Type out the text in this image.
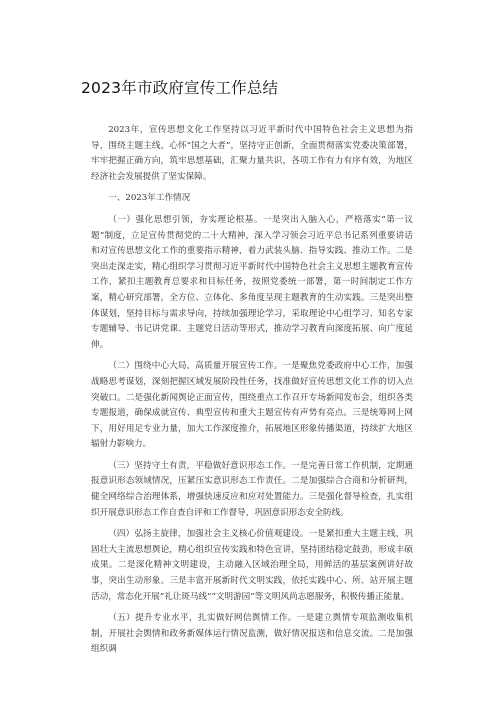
2023年市政府宣传工作总结

2023年，宣传思想文化工作坚持以习近平新时代中国特色社会主义思想为指导，围绕主题主线，心怀“国之大者”，坚持守正创新，全面贯彻落实党委决策部署，牢牢把握正确方向，筑牢思想基础，汇聚力量共识，各项工作有力有序有效，为地区经济社会发展提供了坚实保障。

一、2023年工作情况

（一）强化思想引领，夯实理论根基。一是突出入脑入心，严格落实“第一议题”制度，立足宣传贯彻党的二十大精神，深入学习领会习近平总书记系列重要讲话和对宣传思想文化工作的重要指示精神，着力武装头脑、指导实践、推动工作。二是突出走深走实，精心组织学习贯彻习近平新时代中国特色社会主义思想主题教育宣传工作，紧扣主题教育总要求和目标任务，按照党委统一部署，第一时间制定工作方案，精心研究部署，全方位、立体化、多角度呈现主题教育的生动实践。三是突出整体谋划，坚持目标与需求导向，持续加强理论学习，采取理论中心组学习、知名专家专题辅导、书记讲党课、主题党日活动等形式，推动学习教育向深度拓展、向广度延伸。

（二）围绕中心大局，高质量开展宣传工作。一是聚焦党委政府中心工作，加强战略思考谋划，深刻把握区域发展阶段性任务，找准做好宣传思想文化工作的切入点突破口。二是强化新闻舆论正面宣传，围绕重点工作召开专场新闻发布会，组织各类专题报道，确保成就宣传、典型宣传和重大主题宣传有声势有亮点。三是统筹网上网下，用好用足专业力量，加大工作深度推介，拓展地区形象传播渠道，持续扩大地区辐射力影响力。

（三）坚持守土有责，平稳做好意识形态工作。一是完善日常工作机制，定期通报意识形态领域情况，压紧压实意识形态工作责任。二是加强综合合商和分析研判，健全网络综合治理体系，增强快速反应和应对处置能力。三是强化督导检查，扎实组织开展意识形态工作自查自评和工作督导，巩固意识形态安全防线。

（四）弘扬主旋律，加强社会主义核心价值观建设。一是紧扣重大主题主线，巩固壮大主流思想舆论，精心组织宣传实践和特色宣讲，坚持团结稳定鼓劲，形成丰硕成果。二是深化精神文明建设，主动融入区域治理全局，用鲜活的基层案例讲好故事，突出生动形象。三是丰富开展新时代文明实践，依托实践中心、所、站开展主题活动，常态化开展“礼让斑马线”“文明游园”等文明风尚志愿服务，积极传播正能量。

（五）提升专业水平，扎实做好网信舆情工作。一是建立舆情专项监测收集机制，开展社会舆情和政务新媒体运行情况监测，做好情况报送和信息交流。二是加强组织调
